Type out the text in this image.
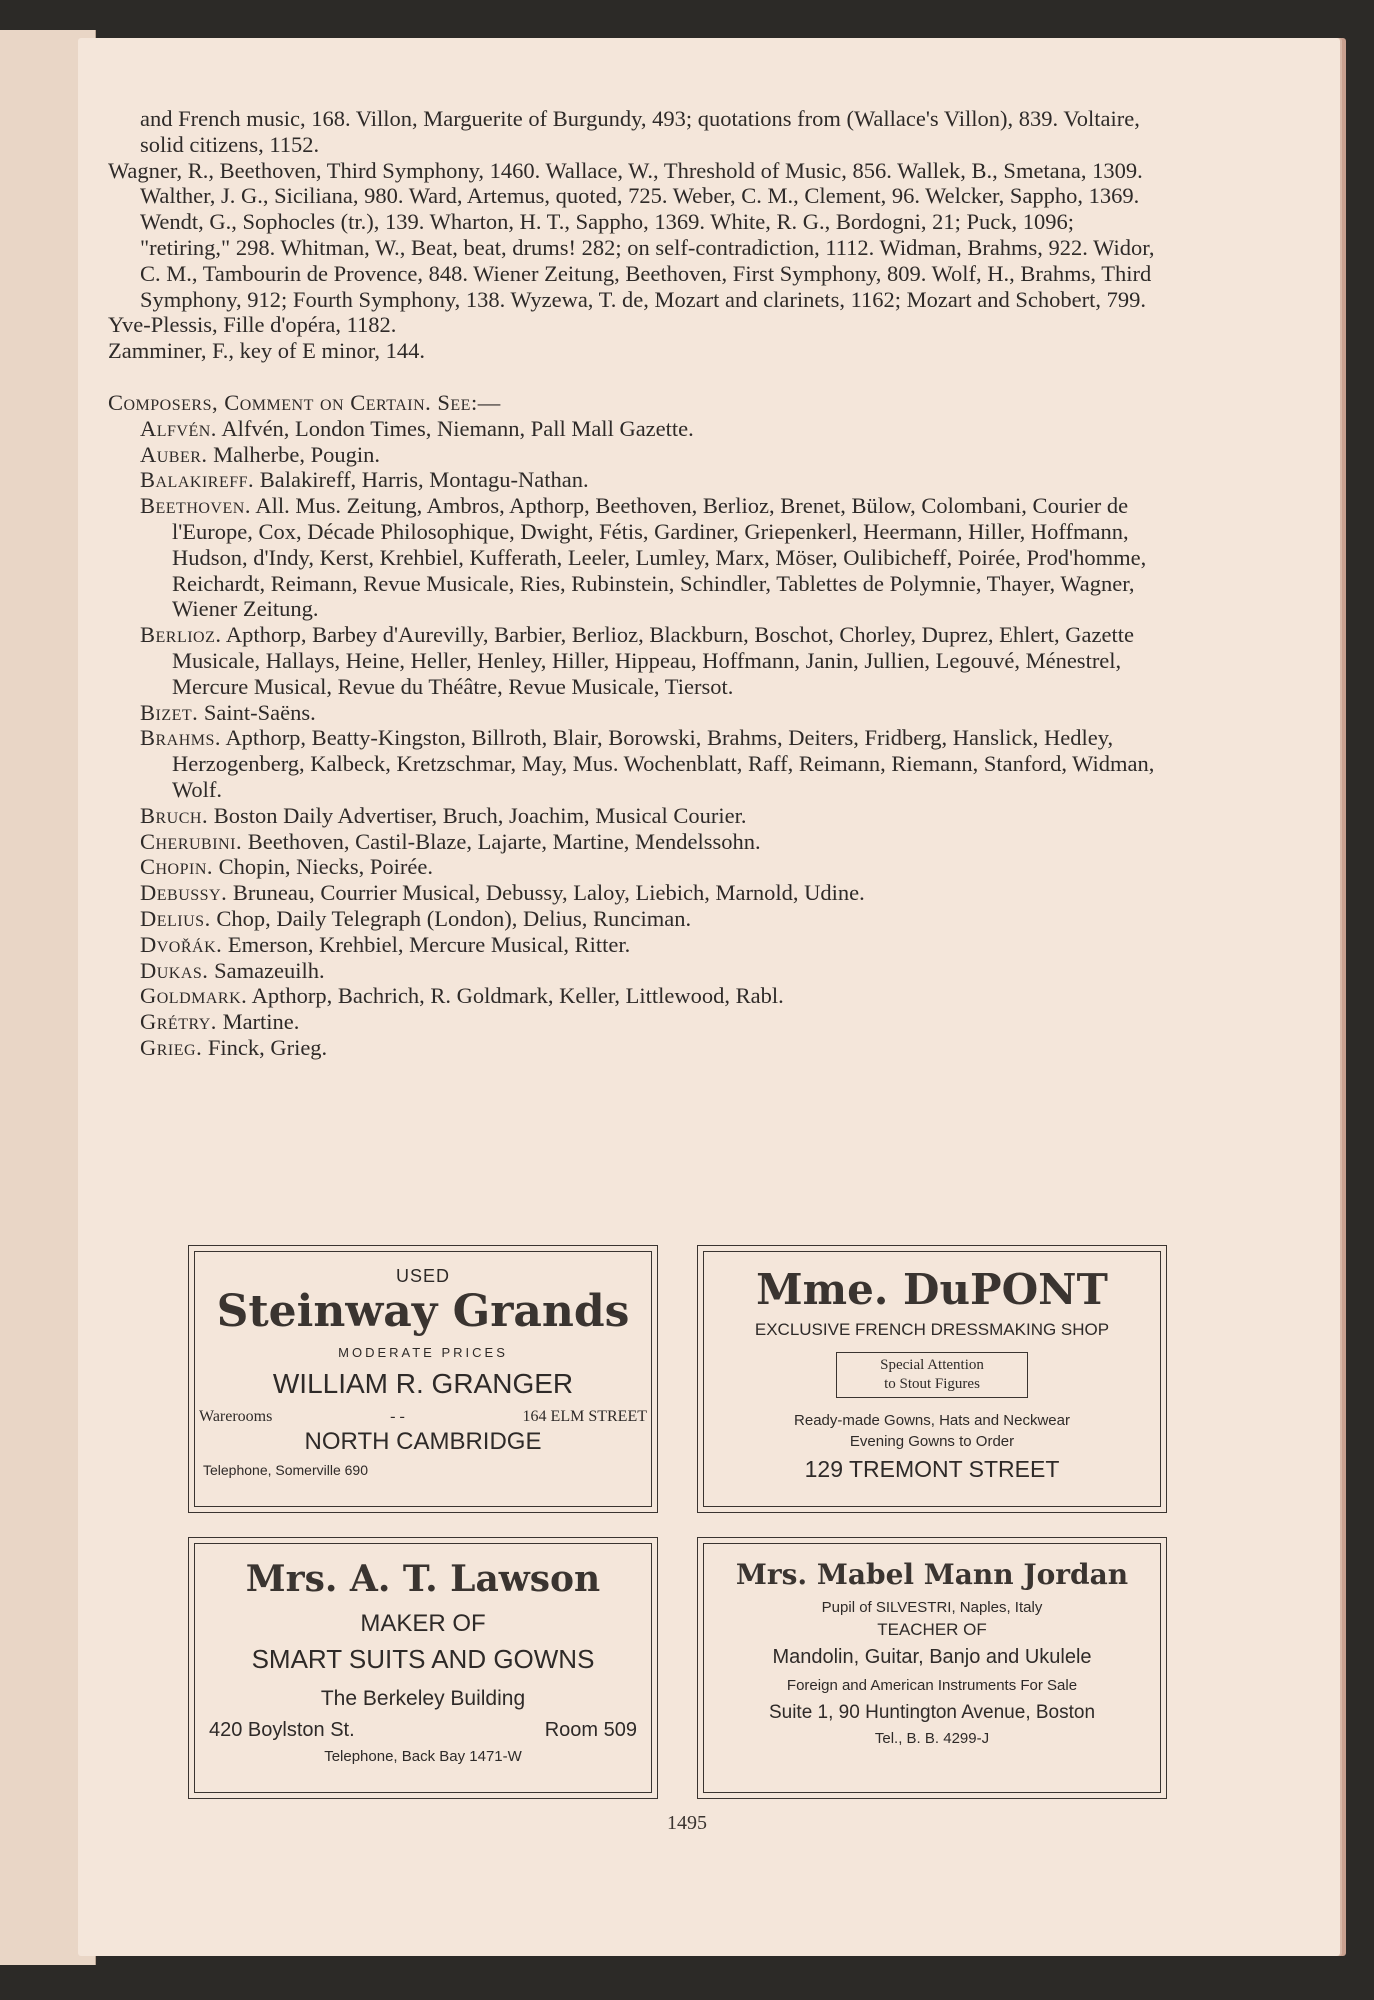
and French music, 168. Villon, Marguerite of Burgundy, 493; quotations from (Wallace's Villon), 839. Voltaire, solid citizens, 1152.
Wagner, R., Beethoven, Third Symphony, 1460. Wallace, W., Threshold of Music, 856. Wallek, B., Smetana, 1309. Walther, J. G., Siciliana, 980. Ward, Artemus, quoted, 725. Weber, C. M., Clement, 96. Welcker, Sappho, 1369. Wendt, G., Sophocles (tr.), 139. Wharton, H. T., Sappho, 1369. White, R. G., Bordogni, 21; Puck, 1096; "retiring," 298. Whitman, W., Beat, beat, drums! 282; on self-contradiction, 1112. Widman, Brahms, 922. Widor, C. M., Tambourin de Provence, 848. Wiener Zeitung, Beethoven, First Symphony, 809. Wolf, H., Brahms, Third Symphony, 912; Fourth Symphony, 138. Wyzewa, T. de, Mozart and clarinets, 1162; Mozart and Schobert, 799.
Yve-Plessis, Fille d'opéra, 1182.
Zamminer, F., key of E minor, 144.
Composers, Comment on Certain. See:—
Alfvén. Alfvén, London Times, Niemann, Pall Mall Gazette.
Auber. Malherbe, Pougin.
Balakireff. Balakireff, Harris, Montagu-Nathan.
Beethoven. All. Mus. Zeitung, Ambros, Apthorp, Beethoven, Berlioz, Brenet, Bülow, Colombani, Courier de l'Europe, Cox, Décade Philosophique, Dwight, Fétis, Gardiner, Griepenkerl, Heermann, Hiller, Hoffmann, Hudson, d'Indy, Kerst, Krehbiel, Kufferath, Leeler, Lumley, Marx, Möser, Oulibicheff, Poirée, Prod'homme, Reichardt, Reimann, Revue Musicale, Ries, Rubinstein, Schindler, Tablettes de Polymnie, Thayer, Wagner, Wiener Zeitung.
Berlioz. Apthorp, Barbey d'Aurevilly, Barbier, Berlioz, Blackburn, Boschot, Chorley, Duprez, Ehlert, Gazette Musicale, Hallays, Heine, Heller, Henley, Hiller, Hippeau, Hoffmann, Janin, Jullien, Legouvé, Ménestrel, Mercure Musical, Revue du Théâtre, Revue Musicale, Tiersot.
Bizet. Saint-Saëns.
Brahms. Apthorp, Beatty-Kingston, Billroth, Blair, Borowski, Brahms, Deiters, Fridberg, Hanslick, Hedley, Herzogenberg, Kalbeck, Kretzschmar, May, Mus. Wochenblatt, Raff, Reimann, Riemann, Stanford, Widman, Wolf.
Bruch. Boston Daily Advertiser, Bruch, Joachim, Musical Courier.
Cherubini. Beethoven, Castil-Blaze, Lajarte, Martine, Mendelssohn.
Chopin. Chopin, Niecks, Poirée.
Debussy. Bruneau, Courrier Musical, Debussy, Laloy, Liebich, Marnold, Udine.
Delius. Chop, Daily Telegraph (London), Delius, Runciman.
Dvořák. Emerson, Krehbiel, Mercure Musical, Ritter.
Dukas. Samazeuilh.
Goldmark. Apthorp, Bachrich, R. Goldmark, Keller, Littlewood, Rabl.
Grétry. Martine.
Grieg. Finck, Grieg.
USED
Steinway Grands
MODERATE PRICES
WILLIAM R. GRANGER
Warerooms	- -	164 ELM STREET
NORTH CAMBRIDGE
Telephone, Somerville 690
Mme. DuPONT
EXCLUSIVE FRENCH DRESSMAKING SHOP
Special Attention
to Stout Figures
Ready-made Gowns, Hats and Neckwear
Evening Gowns to Order
129 TREMONT STREET
Mrs. A. T. Lawson
MAKER OF
SMART SUITS AND GOWNS
The Berkeley Building
420 Boylston St.	Room 509
Telephone, Back Bay 1471-W
Mrs. Mabel Mann Jordan
Pupil of SILVESTRI, Naples, Italy
TEACHER OF
Mandolin, Guitar, Banjo and Ukulele
Foreign and American Instruments For Sale
Suite 1, 90 Huntington Avenue, Boston
Tel., B. B. 4299-J
1495
